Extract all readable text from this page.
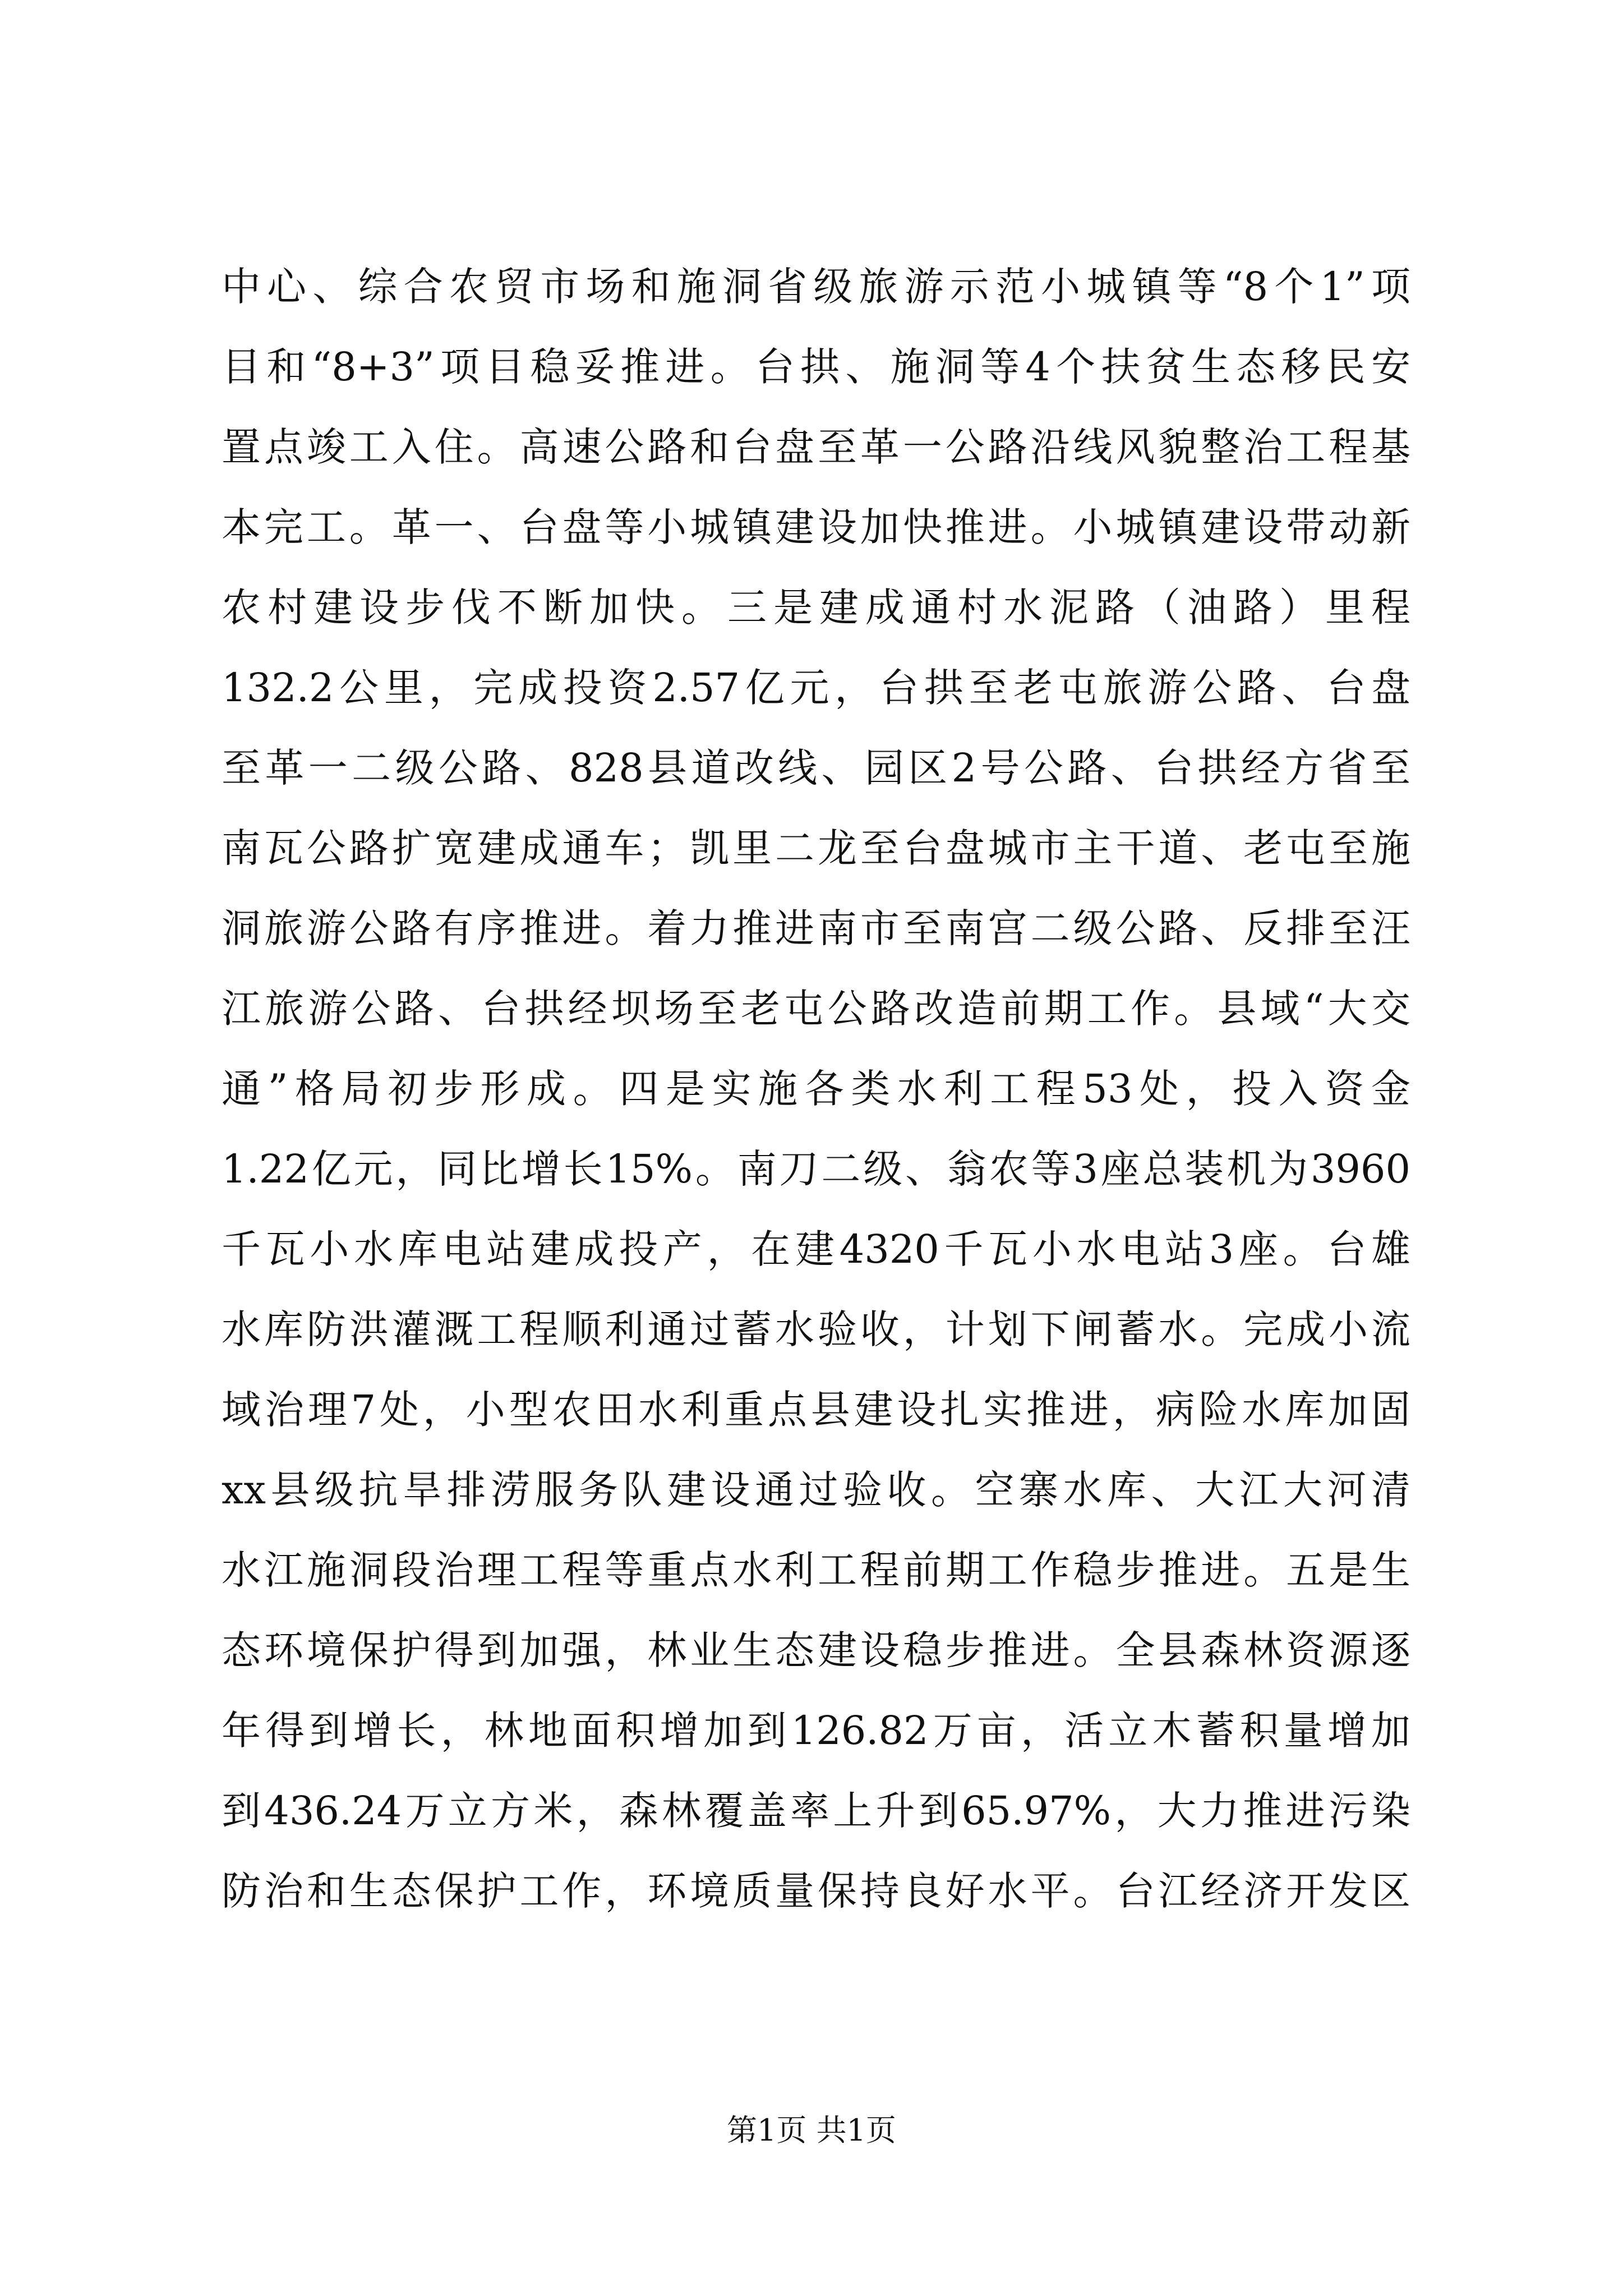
中心、综合农贸市场和施洞省级旅游示范小城镇等“8个1”项
目和“8+3”项目稳妥推进。台拱、施洞等4个扶贫生态移民安
置点竣工入住。高速公路和台盘至革一公路沿线风貌整治工程基
本完工。革一、台盘等小城镇建设加快推进。小城镇建设带动新
农村建设步伐不断加快。三是建成通村水泥路（油路）里程
132.2公里，完成投资2.57亿元，台拱至老屯旅游公路、台盘
至革一二级公路、828县道改线、园区2号公路、台拱经方省至
南瓦公路扩宽建成通车；凯里二龙至台盘城市主干道、老屯至施
洞旅游公路有序推进。着力推进南市至南宫二级公路、反排至汪
江旅游公路、台拱经坝场至老屯公路改造前期工作。县域“大交
通”格局初步形成。四是实施各类水利工程53处，投入资金
1.22亿元，同比增长15%。南刀二级、翁农等3座总装机为3960
千瓦小水库电站建成投产，在建4320千瓦小水电站3座。台雄
水库防洪灌溉工程顺利通过蓄水验收，计划下闸蓄水。完成小流
域治理7处，小型农田水利重点县建设扎实推进，病险水库加固
xx县级抗旱排涝服务队建设通过验收。空寨水库、大江大河清
水江施洞段治理工程等重点水利工程前期工作稳步推进。五是生
态环境保护得到加强，林业生态建设稳步推进。全县森林资源逐
年得到增长，林地面积增加到126.82万亩，活立木蓄积量增加
到436.24万立方米，森林覆盖率上升到65.97%，大力推进污染
防治和生态保护工作，环境质量保持良好水平。台江经济开发区
第1页 共1页
